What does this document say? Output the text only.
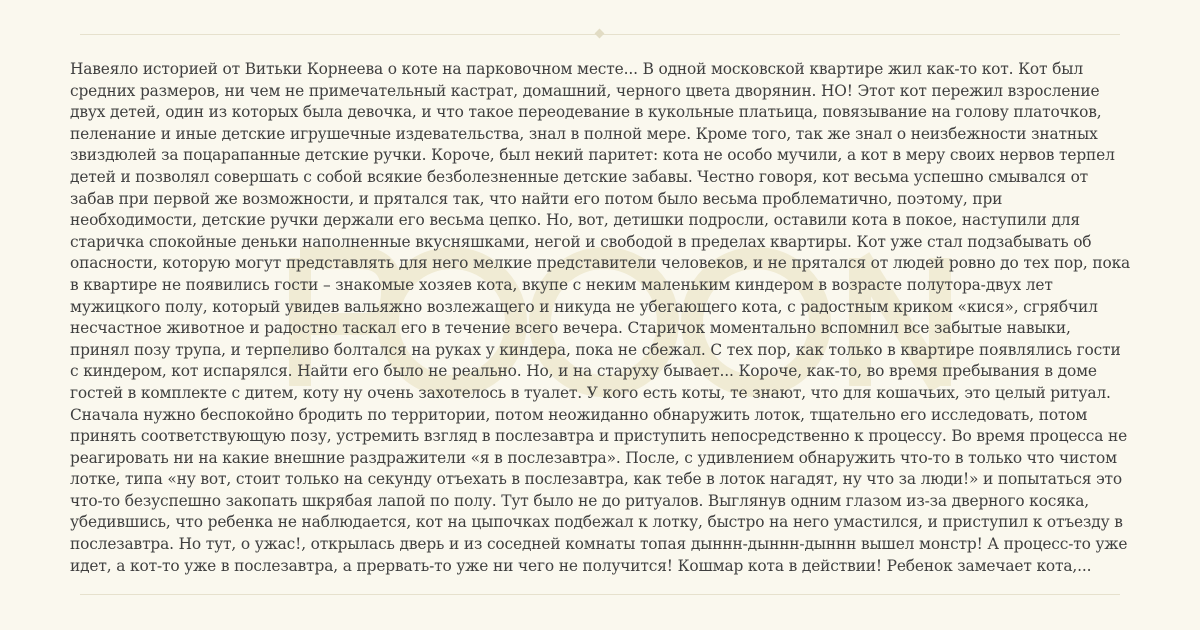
Навеяло историей от Витьки Корнеева о коте на парковочном месте... В одной московской квартире жил как-то кот. Кот был средних размеров, ни чем не примечательный кастрат, домашний, черного цвета дворянин. НО! Этот кот пережил взросление двух детей, один из которых была девочка, и что такое переодевание в кукольные платьица, повязывание на голову платочков, пеленание и иные детские игрушечные издевательства, знал в полной мере. Кроме того, так же знал о неизбежности знатных звиздюлей за поцарапанные детские ручки. Короче, был некий паритет: кота не особо мучили, а кот в меру своих нервов терпел детей и позволял совершать с собой всякие безболезненные детские забавы. Честно говоря, кот весьма успешно смывался от забав при первой же возможности, и прятался так, что найти его потом было весьма проблематично, поэтому, при необходимости, детские ручки держали его весьма цепко. Но, вот, детишки подросли, оставили кота в покое, наступили для старичка спокойные деньки наполненные вкусняшками, негой и свободой в пределах квартиры. Кот уже стал подзабывать об опасности, которую могут представлять для него мелкие представители человеков, и не прятался от людей ровно до тех пор, пока в квартире не появились гости – знакомые хозяев кота, вкупе с неким маленьким киндером в возрасте полутора-двух лет мужицкого полу, который увидев вальяжно возлежащего и никуда не убегающего кота, с радостным криком «кися», сгрябчил несчастное животное и радостно таскал его в течение всего вечера. Старичок моментально вспомнил все забытые навыки, принял позу трупа, и терпеливо болтался на руках у киндера, пока не сбежал. С тех пор, как только в квартире появлялись гости с киндером, кот испарялся. Найти его было не реально. Но, и на старуху бывает... Короче, как-то, во время пребывания в доме гостей в комплекте с дитем, коту ну очень захотелось в туалет. У кого есть коты, те знают, что для кошачьих, это целый ритуал. Сначала нужно беспокойно бродить по территории, потом неожиданно обнаружить лоток, тщательно его исследовать, потом принять соответствующую позу, устремить взгляд в послезавтра и приступить непосредственно к процессу. Во время процесса не реагировать ни на какие внешние раздражители «я в послезавтра». После, с удивлением обнаружить что-то в только что чистом лотке, типа «ну вот, стоит только на секунду отъехать в послезавтра, как тебе в лоток нагадят, ну что за люди!» и попытаться это что-то безуспешно закопать шкрябая лапой по полу. Тут было не до ритуалов. Выглянув одним глазом из-за дверного косяка, убедившись, что ребенка не наблюдается, кот на цыпочках подбежал к лотку, быстро на него умастился, и приступил к отъезду в послезавтра. Но тут, о ужас!, открылась дверь и из соседней комнаты топая дыннн-дыннн-дыннн вышел монстр! А процесс-то уже идет, а кот-то уже в послезавтра, а прервать-то уже ни чего не получится! Кошмар кота в действии! Ребенок замечает кота,...
